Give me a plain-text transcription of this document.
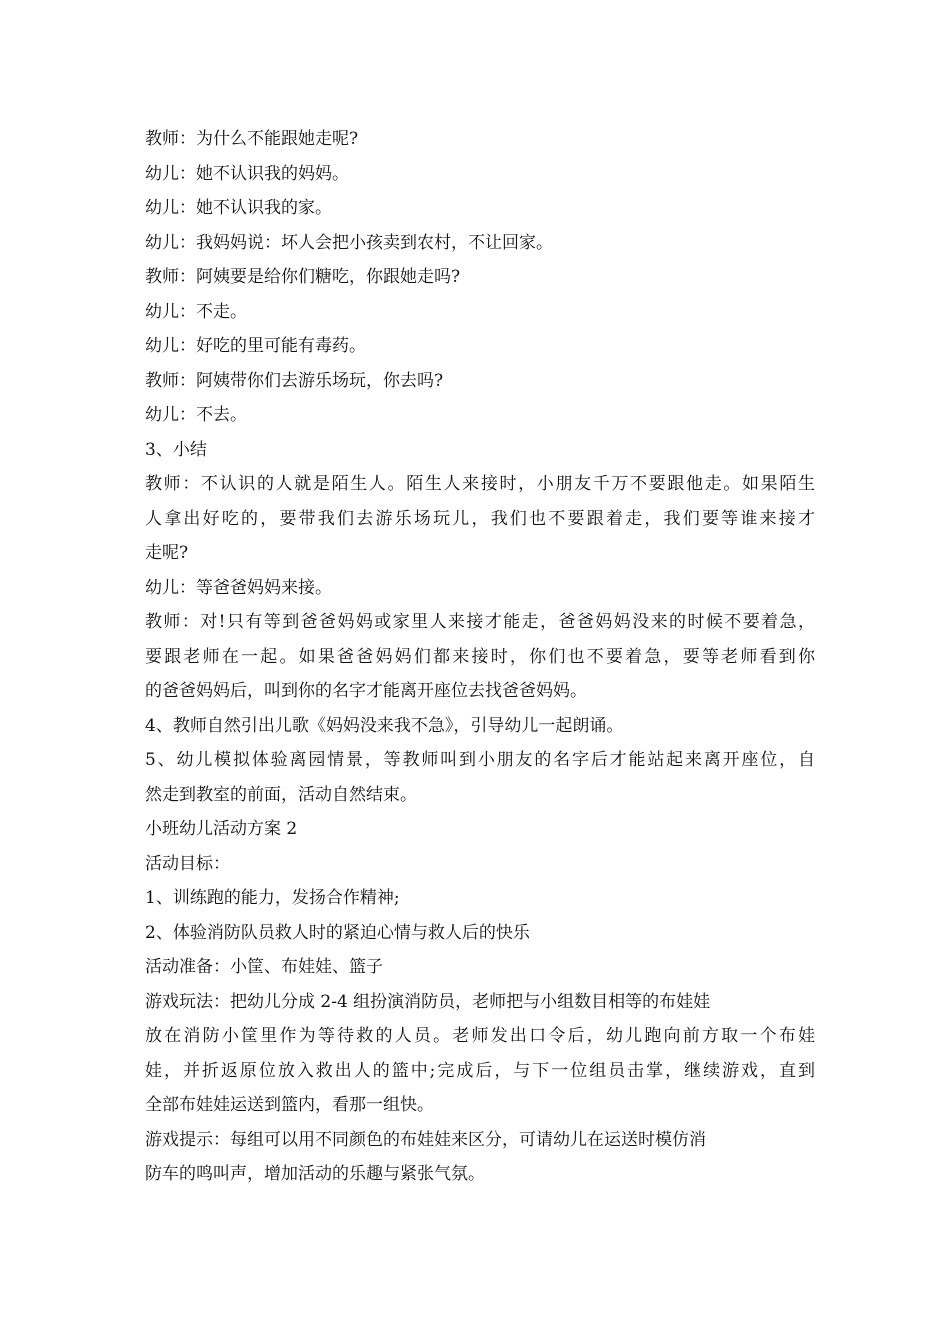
教师：为什么不能跟她走呢?
幼儿：她不认识我的妈妈。
幼儿：她不认识我的家。
幼儿：我妈妈说：坏人会把小孩卖到农村，不让回家。
教师：阿姨要是给你们糖吃，你跟她走吗?
幼儿：不走。
幼儿：好吃的里可能有毒药。
教师：阿姨带你们去游乐场玩，你去吗?
幼儿：不去。
3、小结
教师：不认识的人就是陌生人。陌生人来接时，小朋友千万不要跟他走。如果陌生
人拿出好吃的，要带我们去游乐场玩儿，我们也不要跟着走，我们要等谁来接才
走呢?
幼儿：等爸爸妈妈来接。
教师：对!只有等到爸爸妈妈或家里人来接才能走，爸爸妈妈没来的时候不要着急，
要跟老师在一起。如果爸爸妈妈们都来接时，你们也不要着急，要等老师看到你
的爸爸妈妈后，叫到你的名字才能离开座位去找爸爸妈妈。
4、教师自然引出儿歌《妈妈没来我不急》，引导幼儿一起朗诵。
5、幼儿模拟体验离园情景，等教师叫到小朋友的名字后才能站起来离开座位，自
然走到教室的前面，活动自然结束。
小班幼儿活动方案 2
活动目标：
1、训练跑的能力，发扬合作精神;
2、体验消防队员救人时的紧迫心情与救人后的快乐
活动准备：小筐、布娃娃、篮子
游戏玩法：把幼儿分成 2-4 组扮演消防员，老师把与小组数目相等的布娃娃
放在消防小筐里作为等待救的人员。老师发出口令后，幼儿跑向前方取一个布娃
娃，并折返原位放入救出人的篮中;完成后，与下一位组员击掌，继续游戏，直到
全部布娃娃运送到篮内，看那一组快。
游戏提示：每组可以用不同颜色的布娃娃来区分，可请幼儿在运送时模仿消
防车的鸣叫声，增加活动的乐趣与紧张气氛。
